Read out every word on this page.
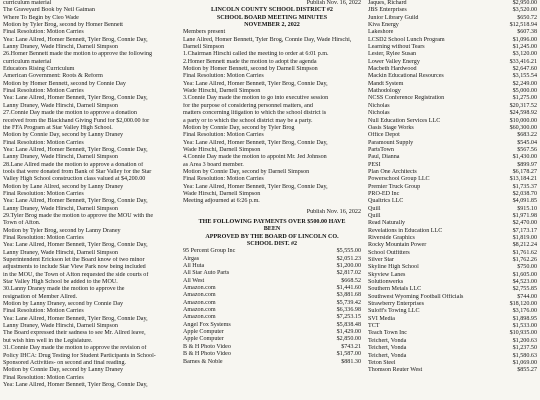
curriculum material
The Graveyard Book by Neil Gaiman
Where To Begin by Cleo Wade
Motion by Tyler Brog, second by Homer Bennett
Final Resolution: Motion Carries
Yea: Lane Allred, Homer Bennett, Tyler Brog, Connie Day,
Lanny Draney, Wade Hirschi, Darnell Simpson
26.Homer Bennett made the motion to approve the following
curriculum material
Educators Rising Curriculum
American Government: Roots & Reform
Motion by Homer Bennett, second by Connie Day
Final Resolution: Motion Carries
Yea: Lane Allred, Homer Bennett, Tyler Brog, Connie Day,
Lanny Draney, Wade Hirschi, Darnell Simpson
27.Connie Day made the motion to approve a donation
received from the Blackhand Giving Fund for $2,000.00 for
the FFA Program at Star Valley High School.
Motion by Connie Day, second by Lanny Draney
Final Resolution: Motion Carries
Yea: Lane Allred, Homer Bennett, Tyler Brog, Connie Day,
Lanny Draney, Wade Hirschi, Darnell Simpson
28.Lane Allred made the motion to approve a donation of
tools that were donated from Bank of Star Valley for the Star
Valley High School construction class valued at $4,200.00
Motion by Lane Allred, second by Lanny Draney
Final Resolution: Motion Carries
Yea: Lane Allred, Homer Bennett, Tyler Brog, Connie Day,
Lanny Draney, Wade Hirschi, Darnell Simpson
29.Tyler Brog made the motion to approve the MOU with the
Town of Afton.
Motion by Tyler Brog, second by Lanny Draney
Final Resolution: Motion Carries
Yea: Lane Allred, Homer Bennett, Tyler Brog, Connie Day,
Lanny Draney, Wade Hirschi, Darnell Simpson
Superintendent Erickson let the Board know of two minor
adjustments to include Star View Park now being included
in the MOU, the Town of Afton requested the side courts of
Star Valley High School be added to the MOU.
30.Lanny Draney made the motion to approve the
resignation of Member Allred.
Motion by Lanny Draney, second by Connie Day
Final Resolution: Motion Carries
Yea: Lane Allred, Homer Bennett, Tyler Brog, Connie Day,
Lanny Draney, Wade Hirschi, Darnell Simpson
The Board expressed their sadness to see Mr. Allred leave,
but wish him well in the Legislature.
31.Connie Day made the motion to approve the revision of
Policy IHCA: Drug Testing for Student Participants in School-
Sponsored Activities- on second and final reading.
Motion by Connie Day, second by Lanny Draney
Final Resolution: Motion Carries
Yea: Lane Allred, Homer Bennett, Tyler Brog, Connie Day,
Publish Nov. 16, 2022
LINCOLN COUNTY SCHOOL DISTRICT #2
SCHOOL BOARD MEETING MINUTES
NOVEMBER 2, 2022
Members present
Lane Allred, Homer Bennett, Tyler Brog, Connie Day, Wade Hirschi,
Darnell Simpson
1.Chairman Hirschi called the meeting to order at 6:01 p.m.
2.Homer Bennett made the motion to adopt the agenda
Motion by Homer Bennett, second by Darnell Simpson
Final Resolution: Motion Carries
Yea: Lane Allred, Homer Bennett, Tyler Brog, Connie Day,
Wade Hirschi, Darnell Simpson
3.Connie Day made the motion to go into executive session
for the purpose of considering personnel matters, and
matters concerning litigation to which the school district is
a party or to which the school district may be a party.
Motion by Connie Day, second by Tyler Brog
Final Resolution: Motion Carries
Yea: Lane Allred, Homer Bennett, Tyler Brog, Connie Day,
Wade Hirschi, Darnell Simpson
4.Connie Day made the motion to appoint Mr. Jed Johnson
as Area 3 board member.
Motion by Connie Day, second by Darnell Simpson
Final Resolution: Motion Carries
Yea: Lane Allred, Homer Bennett, Tyler Brog, Connie Day,
Wade Hirschi, Darnell Simpson
Meeting adjourned at 6:26 p.m.
Publish Nov. 16, 2022
THE FOLLOWING PAYMENTS OVER $500.00 HAVE
BEEN
APPROVED BY THE BOARD OF LINCOLN CO.
SCHOOL DIST. #2
95 Percent Group Inc	$5,555.00
Airgas	$2,051.23
All Huta	$1,200.00
All Star Auto Parts	$2,817.02
All West	$668.52
Amazon.com	$1,441.60
Amazon.com	$3,881.68
Amazon.com	$5,739.42
Amazon.com	$6,336.98
Amazon.com	$7,253.15
Angel Fox Systems	$5,838.48
Apple Computer	$1,429.00
Apple Computer	$2,850.00
B & H Photo Video	$743.21
B & H Photo Video	$1,587.00
Barnes & Noble	$881.30
Jaques, Richard	$2,950.00
JBS Enterprises	$3,520.00
Junior Library Guild	$650.72
Kiva Energy	$12,518.94
Lakeshore	$607.38
LCSD2 School Lunch Program	$1,096.00
Learning without Tears	$1,245.00
Lester, Rylee Susan	$3,120.00
Lower Valley Energy	$33,416.21
Macbeth Hardwood	$2,647.60
Mackin Educational Resources	$3,155.54
Mandt System	$2,249.00
Mathodology	$5,000.00
NCSS Conference Registration	$1,275.00
Nicholas	$20,317.52
Nicholas	$24,598.92
Null Education Services LLC	$10,000.00
Oasis Stage Works	$60,300.00
Office Depot	$683.22
Paramount Supply	$545.04
PartsTown	$567.56
Paul, Dianna	$1,430.00
PESI	$899.97
Plan One Architects	$6,178.27
Powerschool Group LLC	$13,184.21
Premier Truck Group	$1,735.37
PRO-ED Inc	$2,038.70
Qualtrics LLC	$4,091.85
Quill	$915.10
Quill	$1,971.98
Read Naturally	$2,470.00
Revelations in Education LLC	$7,173.17
Riverside Graphics	$1,819.00
Rocky Mountain Power	$8,212.24
School Outfitters	$1,761.62
Silver Star	$1,762.26
Skyline High School	$750.00
Skyview Lanes	$1,605.00
Solutionwerks	$4,523.00
Southern Metals LLC	$2,755.85
Southwest Wyoming Football Officials	$744.00
Strawberry Enterprises	$18,120.00
Suloff's Towing LLC	$3,176.00
SVI Media	$1,898.95
TCT	$1,533.00
Teach Town Inc	$10,935.00
Teichert, Vonda	$1,200.63
Teichert, Vonda	$1,237.50
Teichert, Vonda	$1,580.63
Teton Steel	$1,069.00
Thomson Reuter West	$855.27
